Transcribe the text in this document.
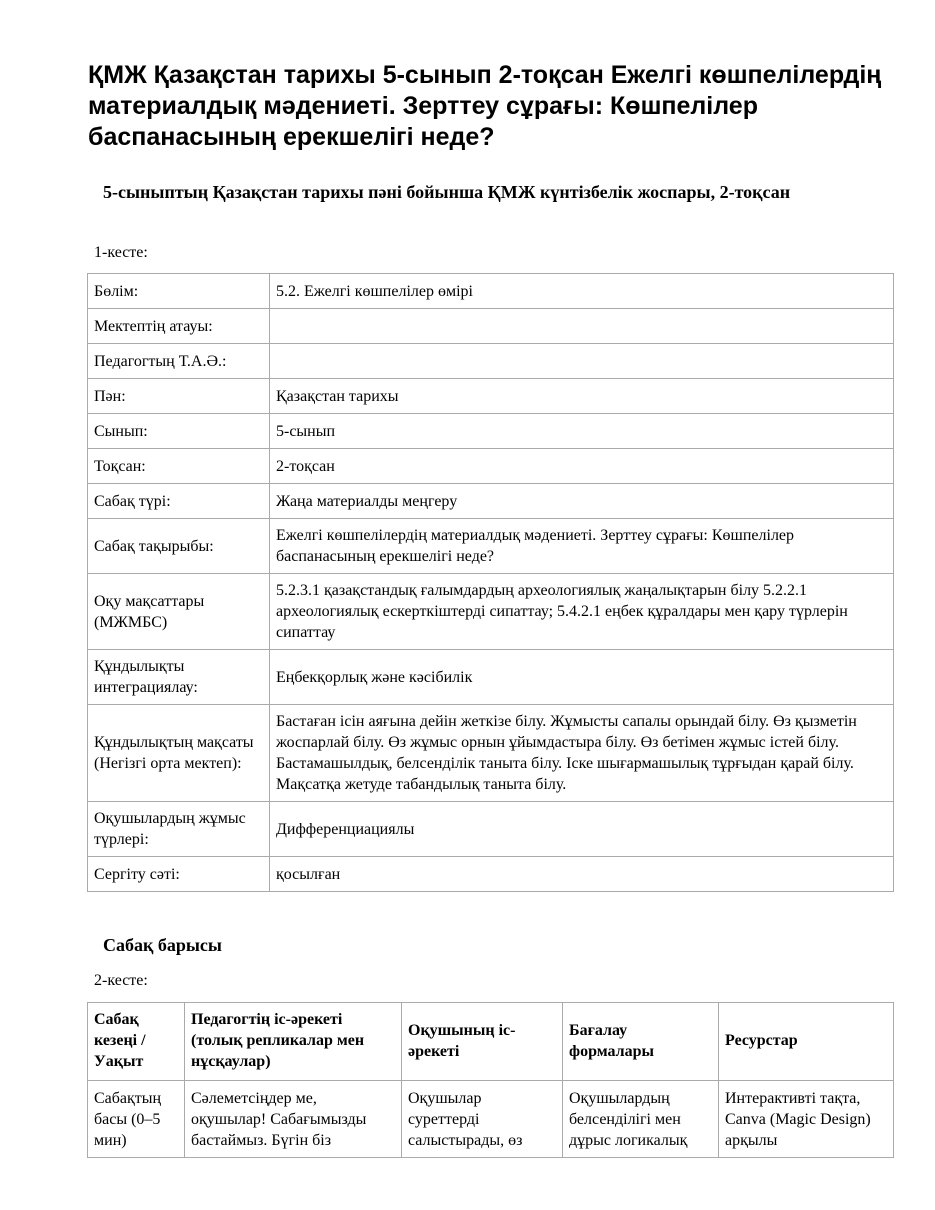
ҚМЖ Қазақстан тарихы 5-сынып 2-тоқсан Ежелгі көшпелілердің материалдық мәдениеті. Зерттеу сұрағы: Көшпелілер баспанасының ерекшелігі неде?
5-сыныптың Қазақстан тарихы пәні бойынша ҚМЖ күнтізбелік жоспары, 2-тоқсан

1-кесте:

Бөлім:	5.2. Ежелгі көшпелілер өмірі
Мектептің атауы:	
Педагогтың Т.А.Ә.:	
Пән:	Қазақстан тарихы
Сынып:	5-сынып
Тоқсан:	2-тоқсан
Сабақ түрі:	Жаңа материалды меңгеру
Сабақ тақырыбы:	Ежелгі көшпелілердің материалдық мәдениеті. Зерттеу сұрағы: Көшпелілер баспанасының ерекшелігі неде?
Оқу мақсаттары (МЖМБС)	5.2.3.1 қазақстандық ғалымдардың археологиялық жаңалықтарын білу 5.2.2.1 археологиялық ескерткіштерді сипаттау; 5.4.2.1 еңбек құралдары мен қару түрлерін сипаттау
Құндылықты интеграциялау:	Еңбекқорлық және кәсібилік
Құндылықтың мақсаты (Негізгі орта мектеп):	Бастаған ісін аяғына дейін жеткізе білу. Жұмысты сапалы орындай білу. Өз қызметін жоспарлай білу. Өз жұмыс орнын ұйымдастыра білу. Өз бетімен жұмыс істей білу. Бастамашылдық, белсенділік таныта білу. Іске шығармашылық тұрғыдан қарай білу. Мақсатқа жетуде табандылық таныта білу.
Оқушылардың жұмыс түрлері:	Дифференциациялы
Сергіту сәті:	қосылған
Сабақ барысы

2-кесте:

Сабақ кезеңі / Уақыт	Педагогтің іс-әрекеті (толық репликалар мен нұсқаулар)	Оқушының іс-әрекеті	Бағалау формалары	Ресурстар
Сабақтың басы (0–5 мин)	Сәлеметсіңдер ме, оқушылар! Сабағымызды бастаймыз. Бүгін біз	Оқушылар суреттерді салыстырады, өз	Оқушылардың белсенділігі мен дұрыс логикалық	Интерактивті тақта, Canva (Magic Design) арқылы
